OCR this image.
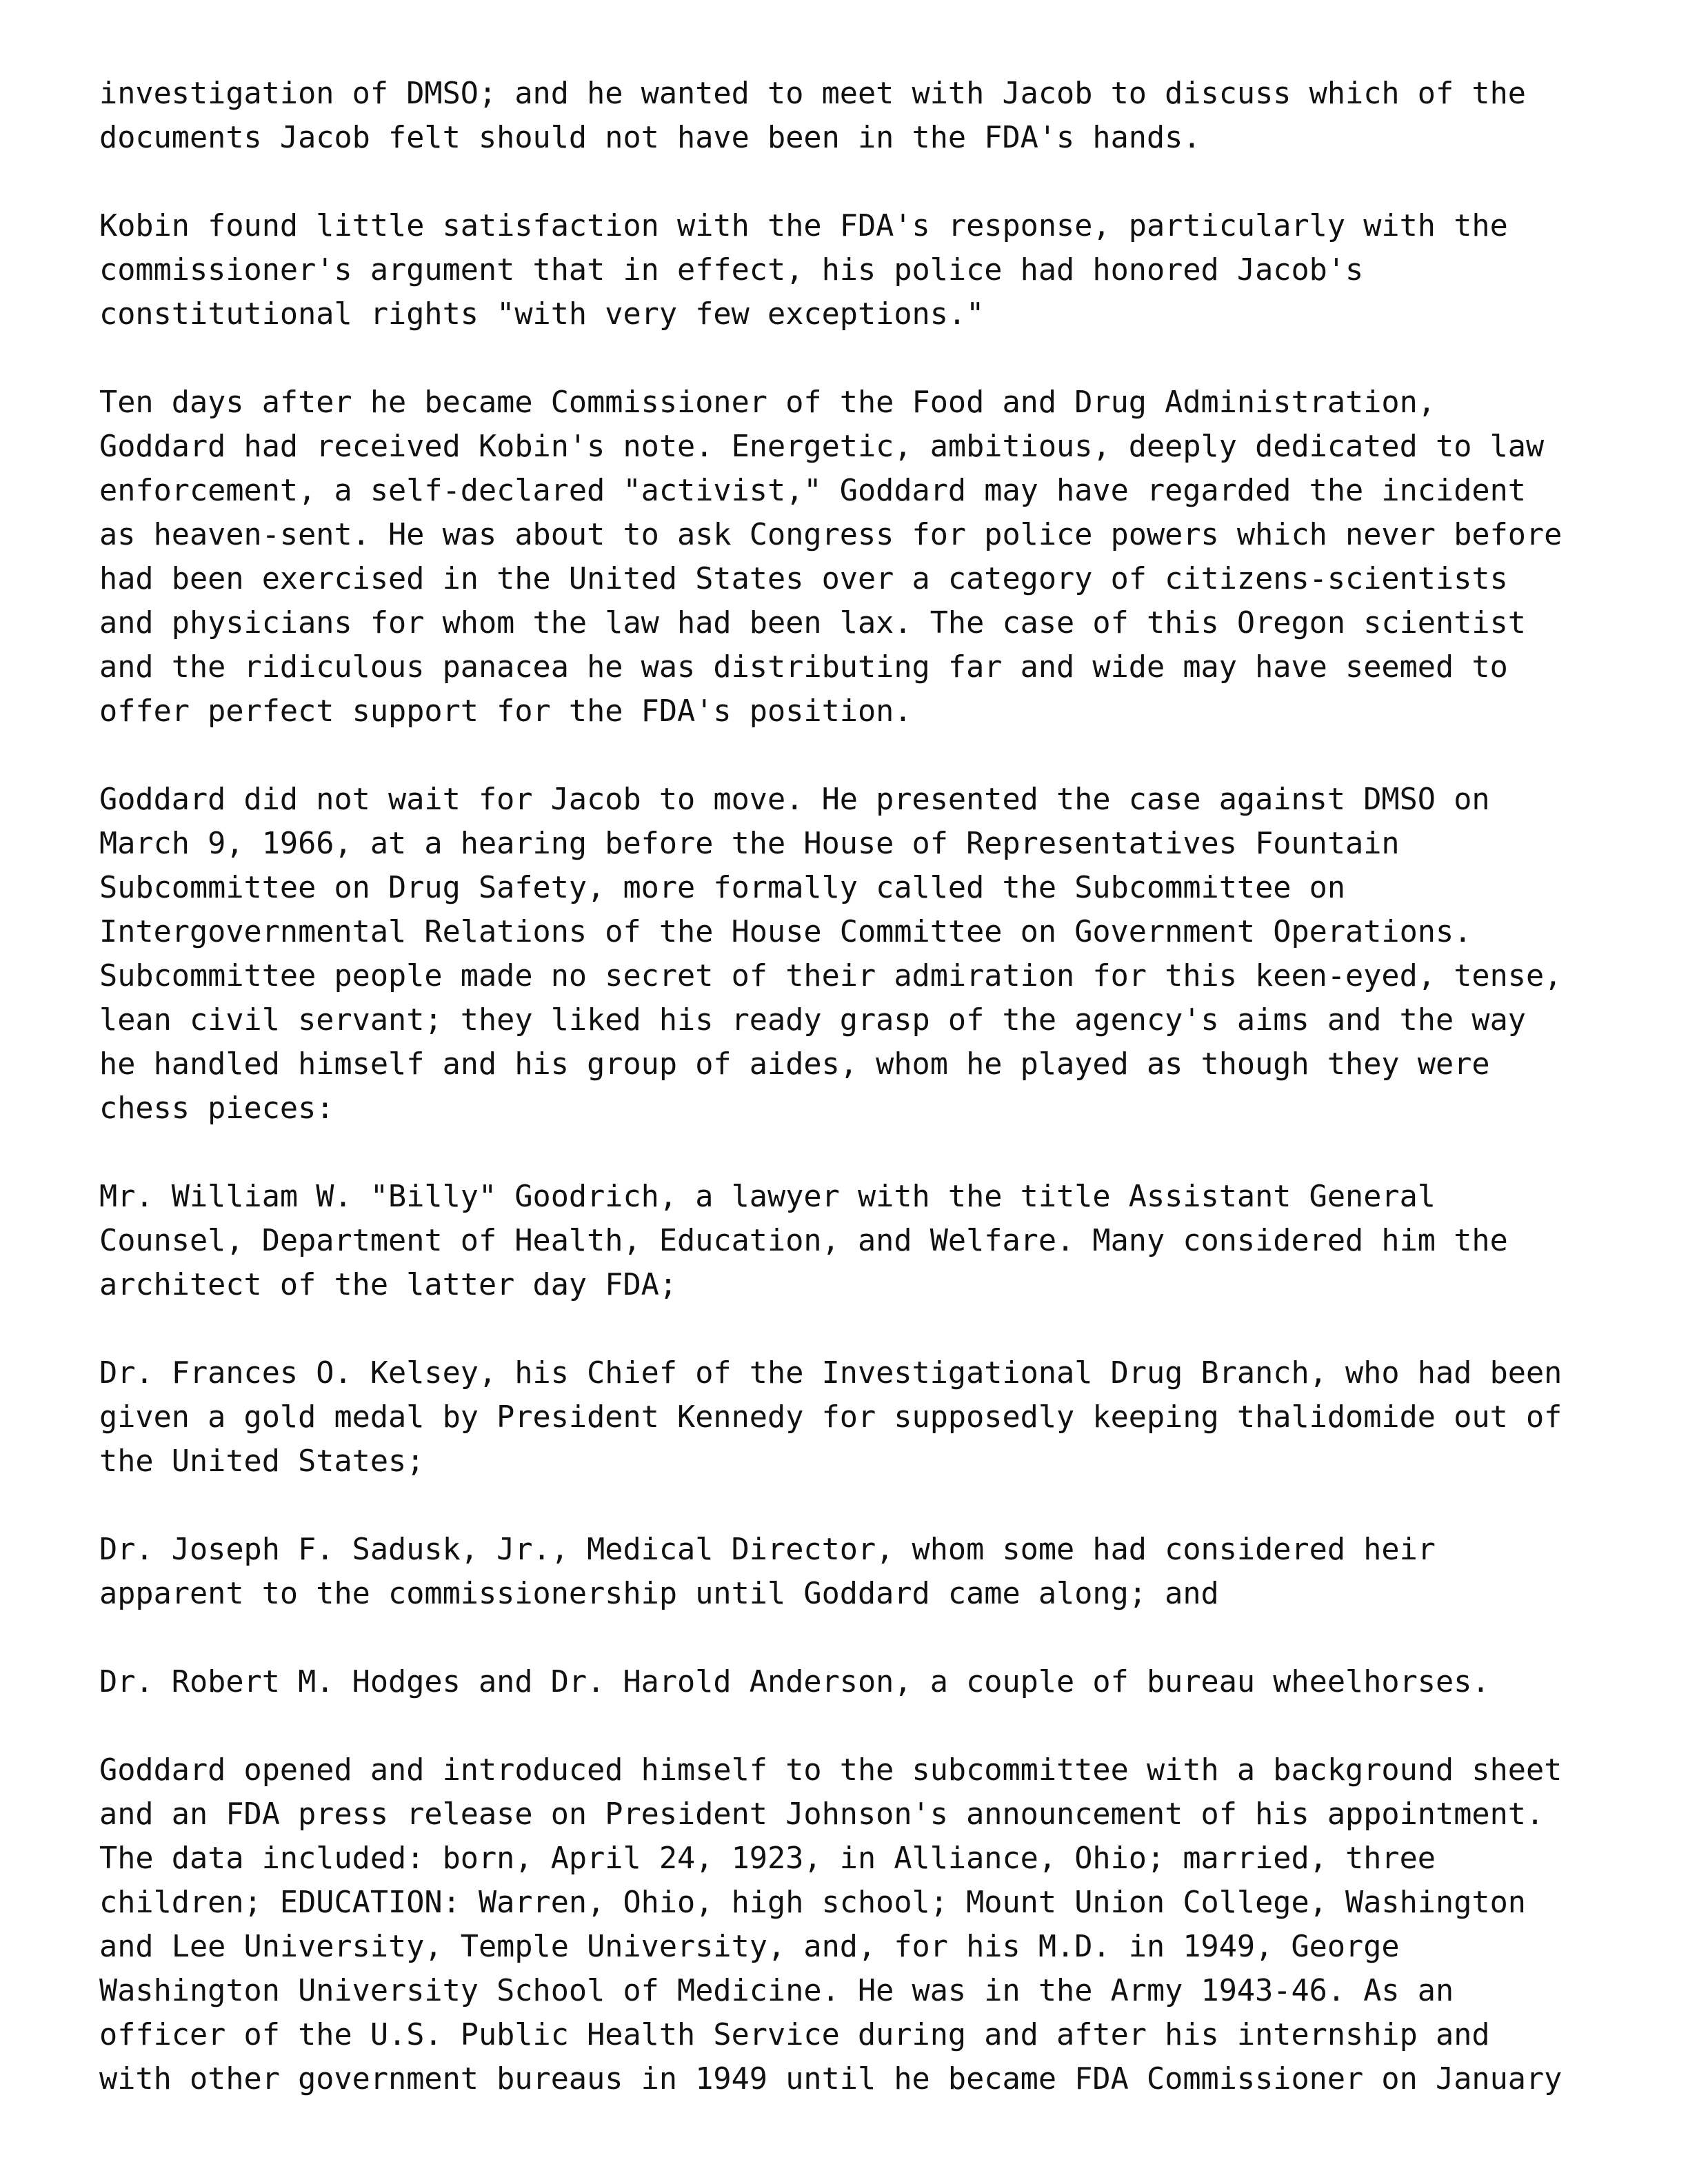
investigation of DMSO; and he wanted to meet with Jacob to discuss which of the
documents Jacob felt should not have been in the FDA's hands.
Kobin found little satisfaction with the FDA's response, particularly with the
commissioner's argument that in effect, his police had honored Jacob's
constitutional rights "with very few exceptions."
Ten days after he became Commissioner of the Food and Drug Administration,
Goddard had received Kobin's note. Energetic, ambitious, deeply dedicated to law
enforcement, a self-declared "activist," Goddard may have regarded the incident
as heaven-sent. He was about to ask Congress for police powers which never before
had been exercised in the United States over a category of citizens-scientists
and physicians for whom the law had been lax. The case of this Oregon scientist
and the ridiculous panacea he was distributing far and wide may have seemed to
offer perfect support for the FDA's position.
Goddard did not wait for Jacob to move. He presented the case against DMSO on
March 9, 1966, at a hearing before the House of Representatives Fountain
Subcommittee on Drug Safety, more formally called the Subcommittee on
Intergovernmental Relations of the House Committee on Government Operations.
Subcommittee people made no secret of their admiration for this keen-eyed, tense,
lean civil servant; they liked his ready grasp of the agency's aims and the way
he handled himself and his group of aides, whom he played as though they were
chess pieces:
Mr. William W. "Billy" Goodrich, a lawyer with the title Assistant General
Counsel, Department of Health, Education, and Welfare. Many considered him the
architect of the latter day FDA;
Dr. Frances O. Kelsey, his Chief of the Investigational Drug Branch, who had been
given a gold medal by President Kennedy for supposedly keeping thalidomide out of
the United States;
Dr. Joseph F. Sadusk, Jr., Medical Director, whom some had considered heir
apparent to the commissionership until Goddard came along; and
Dr. Robert M. Hodges and Dr. Harold Anderson, a couple of bureau wheelhorses.
Goddard opened and introduced himself to the subcommittee with a background sheet
and an FDA press release on President Johnson's announcement of his appointment.
The data included: born, April 24, 1923, in Alliance, Ohio; married, three
children; EDUCATION: Warren, Ohio, high school; Mount Union College, Washington
and Lee University, Temple University, and, for his M.D. in 1949, George
Washington University School of Medicine. He was in the Army 1943-46. As an
officer of the U.S. Public Health Service during and after his internship and
with other government bureaus in 1949 until he became FDA Commissioner on January
